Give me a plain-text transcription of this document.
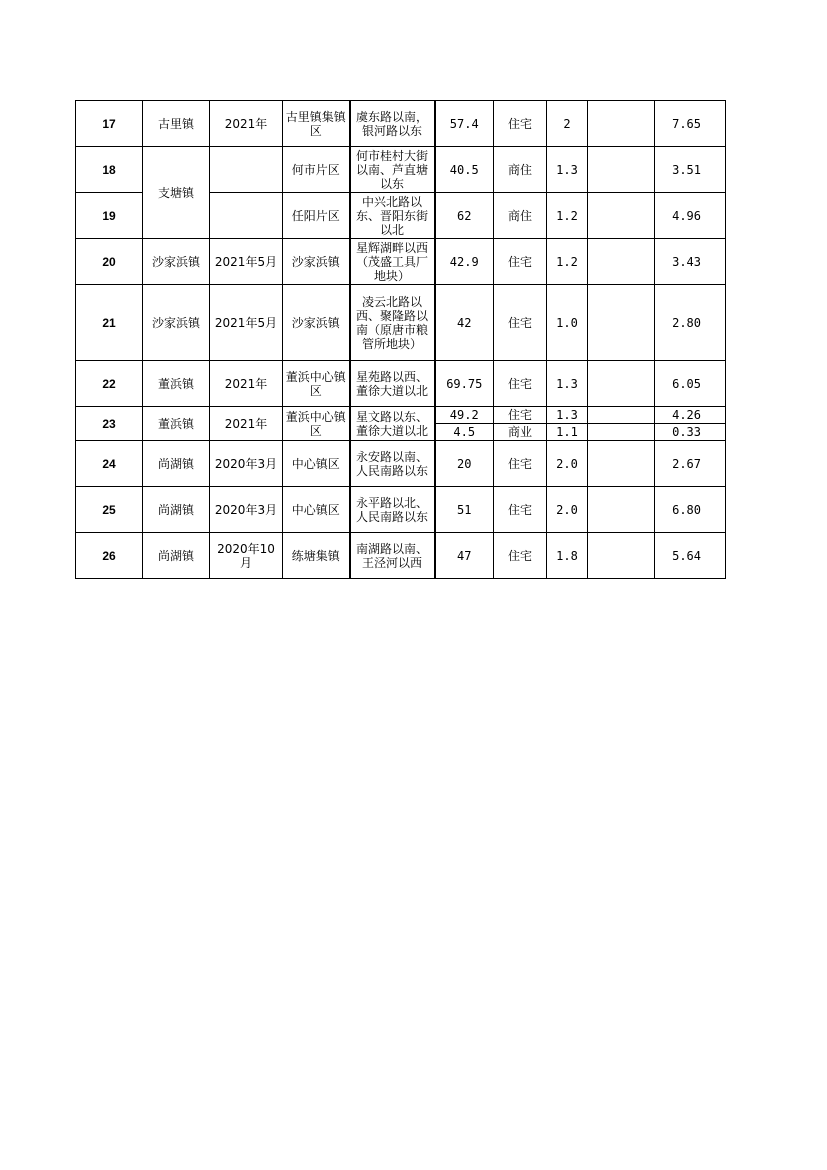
17	古里镇	2021年	古里镇集镇区	虞东路以南，银河路以东	57.4	住宅	2		7.65
18	支塘镇		何市片区	何市桂村大街以南、芦直塘以东	40.5	商住	1.3		3.51
19			任阳片区	中兴北路以东、晋阳东街以北	62	商住	1.2		4.96
20	沙家浜镇	2021年5月	沙家浜镇	星辉湖畔以西（茂盛工具厂地块）	42.9	住宅	1.2		3.43
21	沙家浜镇	2021年5月	沙家浜镇	凌云北路以西、聚隆路以南（原唐市粮管所地块）	42	住宅	1.0		2.80
22	董浜镇	2021年	董浜中心镇区	星苑路以西、董徐大道以北	69.75	住宅	1.3		6.05
23	董浜镇	2021年	董浜中心镇区	星文路以东、董徐大道以北	49.2	住宅	1.3		4.26
					4.5	商业	1.1		0.33
24	尚湖镇	2020年3月	中心镇区	永安路以南、人民南路以东	20	住宅	2.0		2.67
25	尚湖镇	2020年3月	中心镇区	永平路以北、人民南路以东	51	住宅	2.0		6.80
26	尚湖镇	2020年10月	练塘集镇	南湖路以南、王泾河以西	47	住宅	1.8		5.64
